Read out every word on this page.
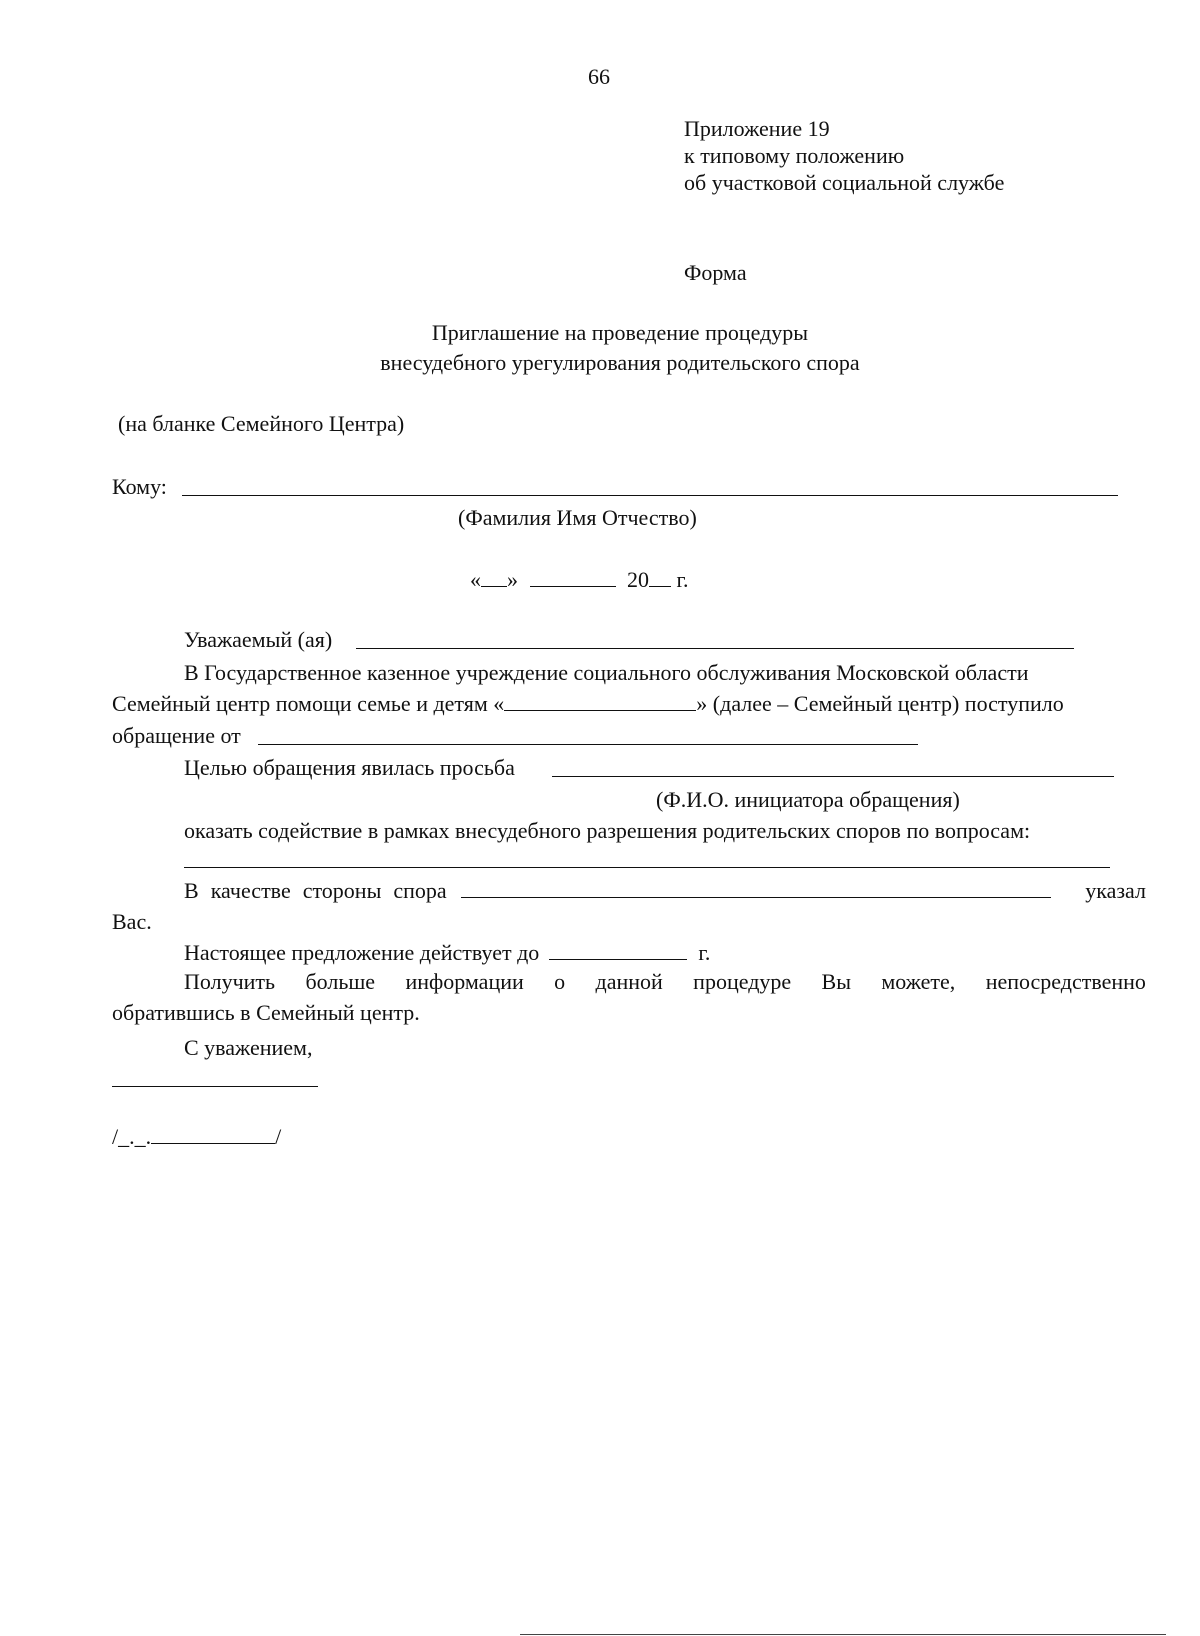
66
Приложение 19
к типовому положению
об участковой социальной службе
Форма
Приглашение на проведение процедуры
внесудебного урегулирования родительского спора
(на бланке Семейного Центра)
Кому:
(Фамилия Имя Отчество)
« »	20 г.
Уважаемый (ая)
В Государственное казенное учреждение социального обслуживания Московской области
Семейный центр помощи семье и детям «	» (далее – Семейный центр) поступило
обращение от
Целью обращения явилась просьба
(Ф.И.О. инициатора обращения)
оказать содействие в рамках внесудебного разрешения родительских споров по вопросам:
В качестве стороны спора	указал
Вас.
Настоящее предложение действует до	г.
Получить больше информации о данной процедуре Вы можете, непосредственно
обратившись в Семейный центр.
С уважением,
/_._.	/
